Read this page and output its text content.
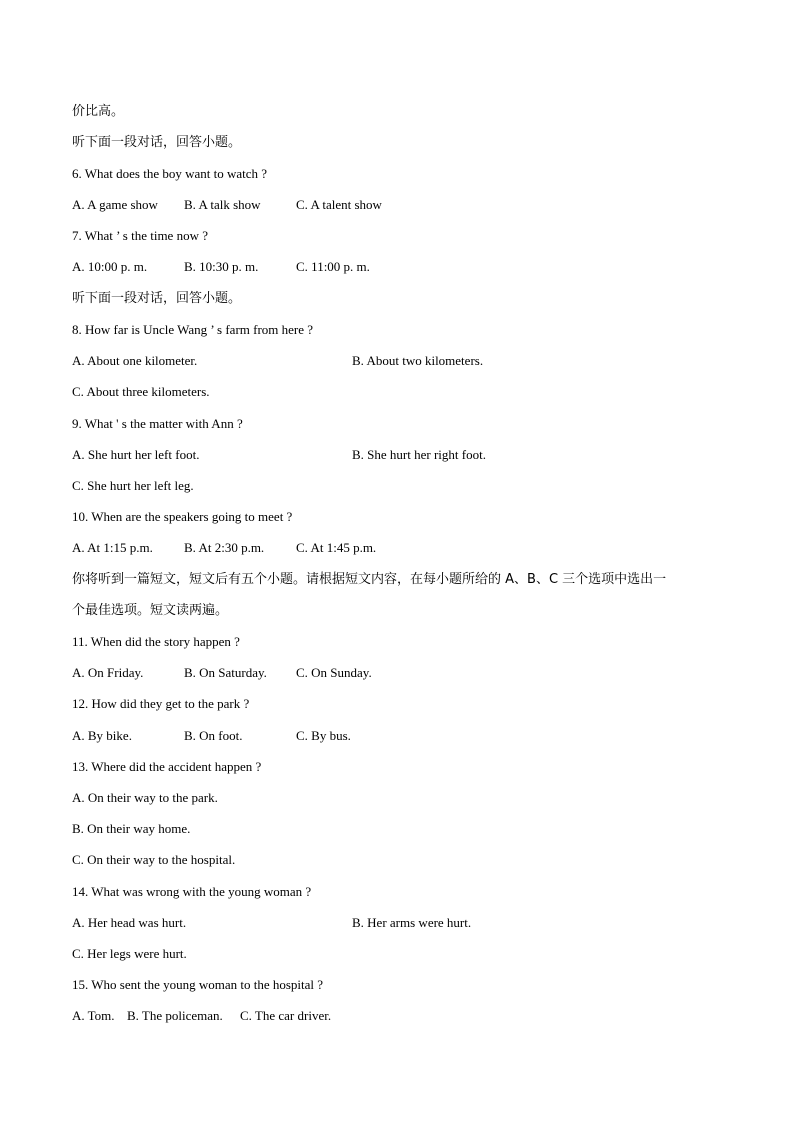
价比高。
听下面一段对话，回答小题。
6. What does the boy want to watch ?
A. A game show B. A talk show	C. A talent show
7. What ’ s the time now ?
A. 10:00 p. m.	B. 10:30 p. m.	C. 11:00 p. m.
听下面一段对话，回答小题。
8. How far is Uncle Wang ’ s farm from here ?
A. About one kilometer.	B. About two kilometers.
C. About three kilometers.
9. What ' s the matter with Ann ?
A. She hurt her left foot.	B. She hurt her right foot.
C. She hurt her left leg.
10. When are the speakers going to meet ?
A. At 1:15 p.m. B. At 2:30 p.m. C. At 1:45 p.m.
你将听到一篇短文，短文后有五个小题。请根据短文内容，在每小题所给的 A、B、C 三个选项中选出一
个最佳选项。短文读两遍。
11. When did the story happen ?
A. On Friday.	B. On Saturday. C. On Sunday.
12. How did they get to the park ?
A. By bike.	B. On foot.	C. By bus.
13. Where did the accident happen ?
A. On their way to the park.
B. On their way home.
C. On their way to the hospital.
14. What was wrong with the young woman ?
A. Her head was hurt.	B. Her arms were hurt.
C. Her legs were hurt.
15. Who sent the young woman to the hospital ?
A. Tom. B. The policeman. C. The car driver.
